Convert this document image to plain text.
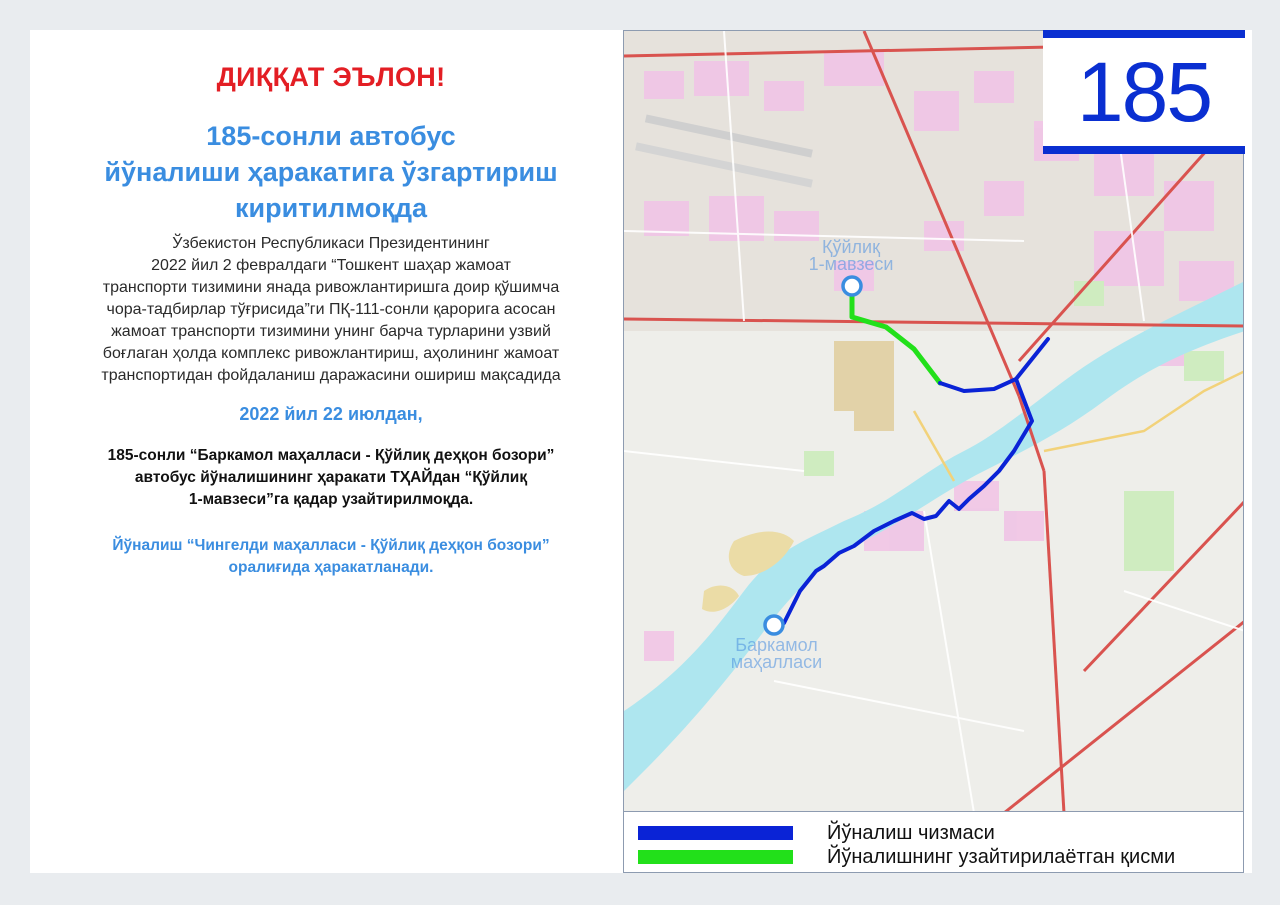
ДИҚҚАТ ЭЪЛОН!
185-сонли автобус
йўналиши ҳаракатига ўзгартириш
киритилмоқда
Ўзбекистон Республикаси Президентининг
2022 йил 2 февралдаги “Тошкент шаҳар жамоат
транспорти тизимини янада ривожлантиришга доир қўшимча
чора-тадбирлар тўғрисида”ги ПҚ-111-сонли қарорига асосан
жамоат транспорти тизимини унинг барча турларини узвий
боғлаган ҳолда комплекс ривожлантириш, аҳолининг жамоат
транспортидан фойдаланиш даражасини ошириш мақсадида
2022 йил 22 июлдан,
185-сонли “Баркамол маҳалласи - Қўйлиқ деҳқон бозори”
автобус йўналишининг ҳаракати ТҲАЙдан “Қўйлиқ
1-мавзеси”га қадар узайтирилмоқда.
Йўналиш “Чингелди маҳалласи - Қўйлиқ деҳқон бозори”
оралиғида ҳаракатланади.
Қўйлиқ
1-мавзеси
Баркамол
маҳалласи
185
Йўналиш чизмаси
Йўналишнинг узайтирилаётган қисми
